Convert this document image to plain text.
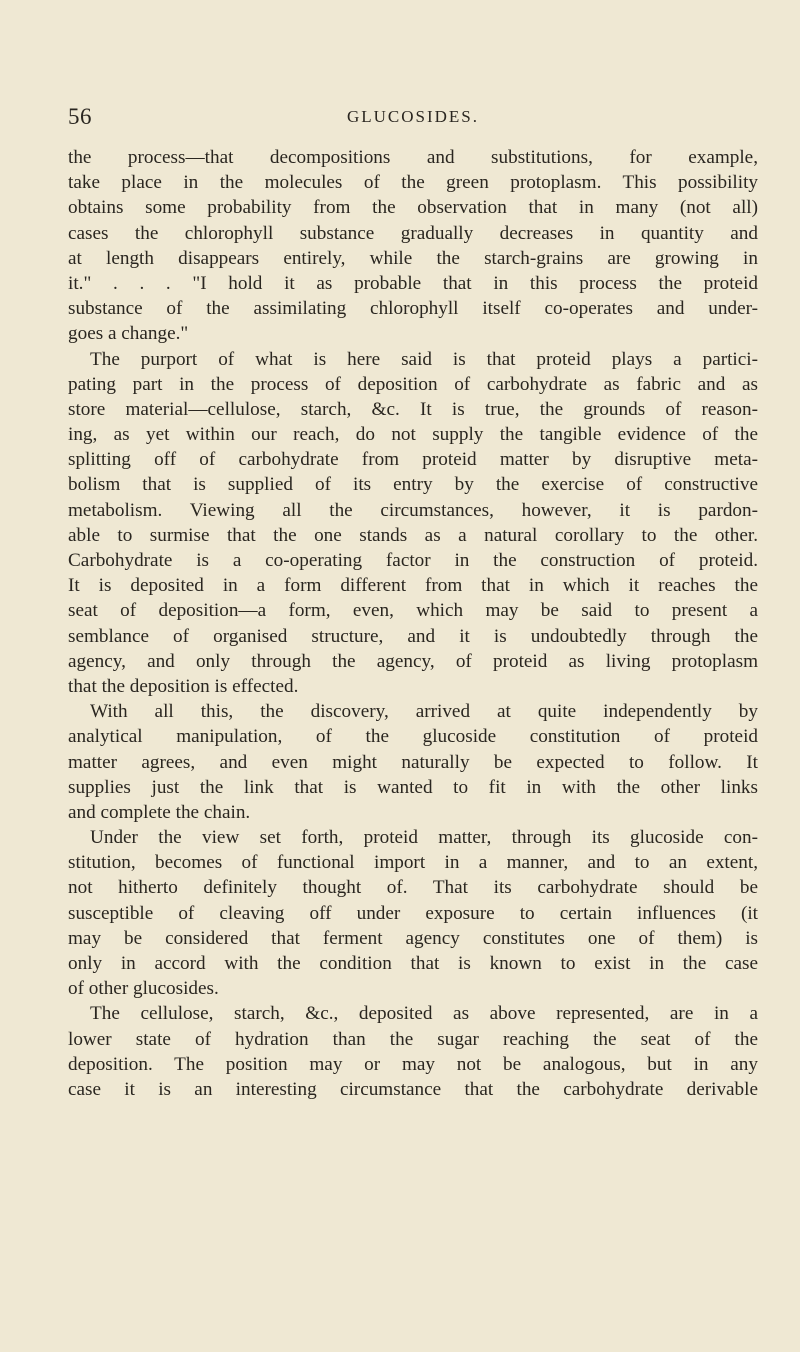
56	GLUCOSIDES.
the process—that decompositions and substitutions, for example,
take place in the molecules of the green protoplasm. This possibility
obtains some probability from the observation that in many (not all)
cases the chlorophyll substance gradually decreases in quantity and
at length disappears entirely, while the starch-grains are growing in
it." . . . "I hold it as probable that in this process the proteid
substance of the assimilating chlorophyll itself co-operates and under-
goes a change."
The purport of what is here said is that proteid plays a partici-
pating part in the process of deposition of carbohydrate as fabric and as
store material—cellulose, starch, &c. It is true, the grounds of reason-
ing, as yet within our reach, do not supply the tangible evidence of the
splitting off of carbohydrate from proteid matter by disruptive meta-
bolism that is supplied of its entry by the exercise of constructive
metabolism. Viewing all the circumstances, however, it is pardon-
able to surmise that the one stands as a natural corollary to the other.
Carbohydrate is a co-operating factor in the construction of proteid.
It is deposited in a form different from that in which it reaches the
seat of deposition—a form, even, which may be said to present a
semblance of organised structure, and it is undoubtedly through the
agency, and only through the agency, of proteid as living protoplasm
that the deposition is effected.
With all this, the discovery, arrived at quite independently by
analytical manipulation, of the glucoside constitution of proteid
matter agrees, and even might naturally be expected to follow. It
supplies just the link that is wanted to fit in with the other links
and complete the chain.
Under the view set forth, proteid matter, through its glucoside con-
stitution, becomes of functional import in a manner, and to an extent,
not hitherto definitely thought of. That its carbohydrate should be
susceptible of cleaving off under exposure to certain influences (it
may be considered that ferment agency constitutes one of them) is
only in accord with the condition that is known to exist in the case
of other glucosides.
The cellulose, starch, &c., deposited as above represented, are in a
lower state of hydration than the sugar reaching the seat of the
deposition. The position may or may not be analogous, but in any
case it is an interesting circumstance that the carbohydrate derivable
